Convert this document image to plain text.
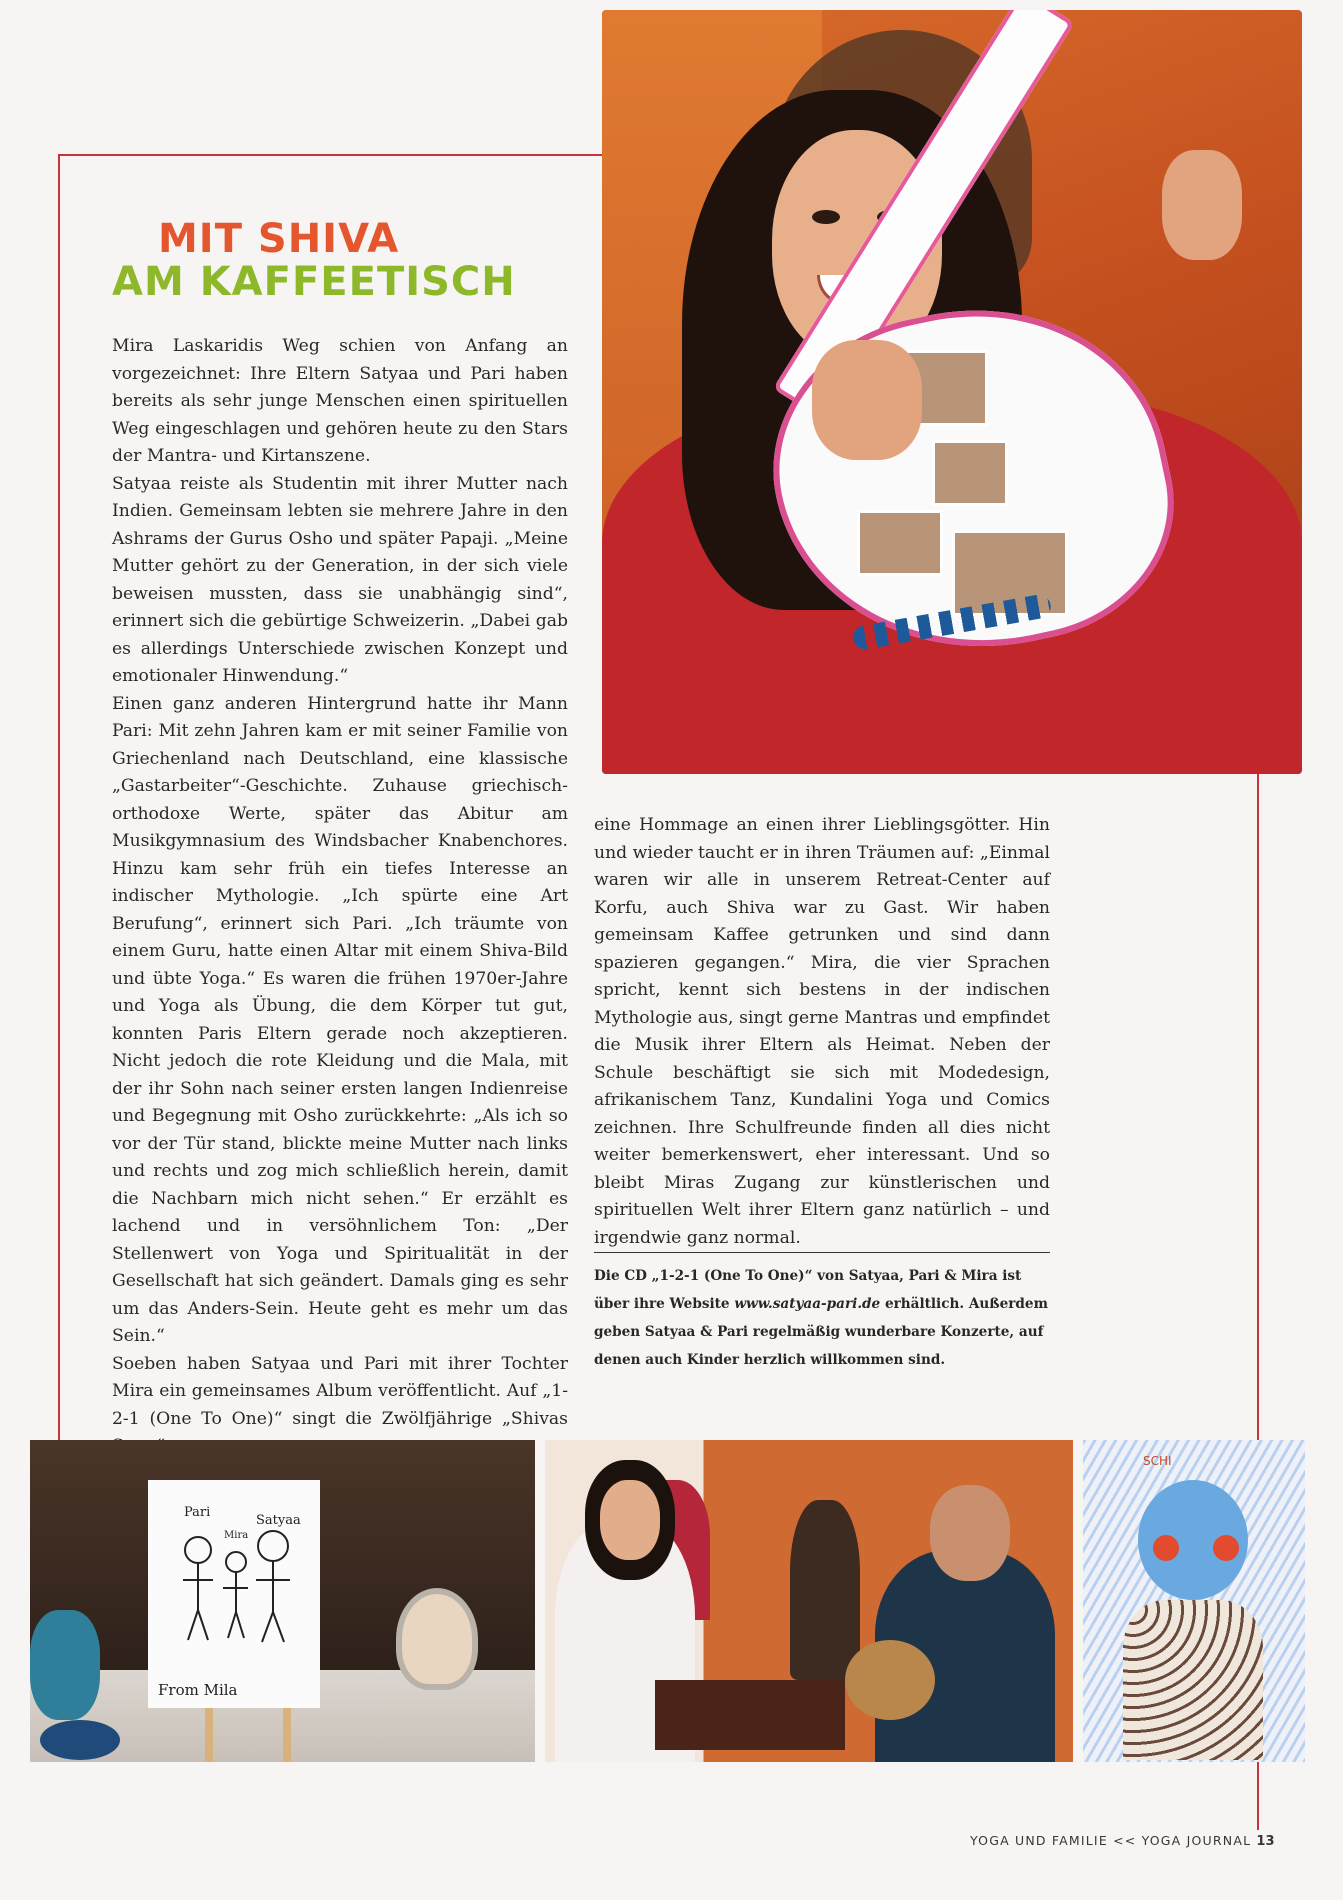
MIT SHIVA
AM KAFFEETISCH

Mira Laskaridis Weg schien von Anfang an vorgezeichnet: Ihre Eltern Satyaa und Pari haben bereits als sehr junge Menschen einen spirituellen Weg eingeschlagen und gehören heute zu den Stars der Mantra- und Kirtanszene.

Satyaa reiste als Studentin mit ihrer Mutter nach Indien. Gemeinsam lebten sie mehrere Jahre in den Ashrams der Gurus Osho und später Papaji. „Meine Mutter gehört zu der Generation, in der sich viele beweisen mussten, dass sie unabhängig sind“, erinnert sich die gebürtige Schweizerin. „Dabei gab es allerdings Unterschiede zwischen Konzept und emotionaler Hinwendung.“

Einen ganz anderen Hintergrund hatte ihr Mann Pari: Mit zehn Jahren kam er mit seiner Familie von Griechenland nach Deutschland, eine klassische „Gastarbeiter“-Geschichte. Zuhause griechisch-orthodoxe Werte, später das Abitur am Musikgymnasium des Windsbacher Knabenchores. Hinzu kam sehr früh ein tiefes Interesse an indischer Mythologie. „Ich spürte eine Art Berufung“, erinnert sich Pari. „Ich träumte von einem Guru, hatte einen Altar mit einem Shiva-Bild und übte Yoga.“ Es waren die frühen 1970er-Jahre und Yoga als Übung, die dem Körper tut gut, konnten Paris Eltern gerade noch akzeptieren. Nicht jedoch die rote Kleidung und die Mala, mit der ihr Sohn nach seiner ersten langen Indienreise und Begegnung mit Osho zurückkehrte: „Als ich so vor der Tür stand, blickte meine Mutter nach links und rechts und zog mich schließlich herein, damit die Nachbarn mich nicht sehen.“ Er erzählt es lachend und in versöhnlichem Ton: „Der Stellenwert von Yoga und Spiritualität in der Gesellschaft hat sich geändert. Damals ging es sehr um das Anders-Sein. Heute geht es mehr um das Sein.“

Soeben haben Satyaa und Pari mit ihrer Tochter Mira ein gemeinsames Album veröffentlicht. Auf „1-2-1 (One To One)“ singt die Zwölfjährige „Shivas

eine Hommage an einen ihrer Lieblingsgötter. Hin und wieder taucht er in ihren Träumen auf: „Einmal waren wir alle in unserem Retreat-Center auf Korfu, auch Shiva war zu Gast. Wir haben gemeinsam Kaffee getrunken und sind dann spazieren gegangen.“ Mira, die vier Sprachen spricht, kennt sich bestens in der indischen Mythologie aus, singt gerne Mantras und empfindet die Musik ihrer Eltern als Heimat. Neben der Schule beschäftigt sie sich mit Modedesign, afrikanischem Tanz, Kundalini Yoga und Comics zeichnen. Ihre Schulfreunde finden all dies nicht weiter bemerkenswert, eher interessant. Und so bleibt Miras Zugang zur künstlerischen und spirituellen Welt ihrer Eltern ganz natürlich – und irgendwie ganz normal.

Die CD „1-2-1 (One To One)“ von Satyaa, Pari & Mira ist über ihre Website www.satyaa-pari.de erhältlich. Außerdem geben Satyaa & Pari regelmäßig wunderbare Konzerte, auf denen auch Kinder herzlich willkommen sind.
Pari
Mira
Satyaa
From Mila
SCHI
YOGA UND FAMILIE << YOGA JOURNAL 13
